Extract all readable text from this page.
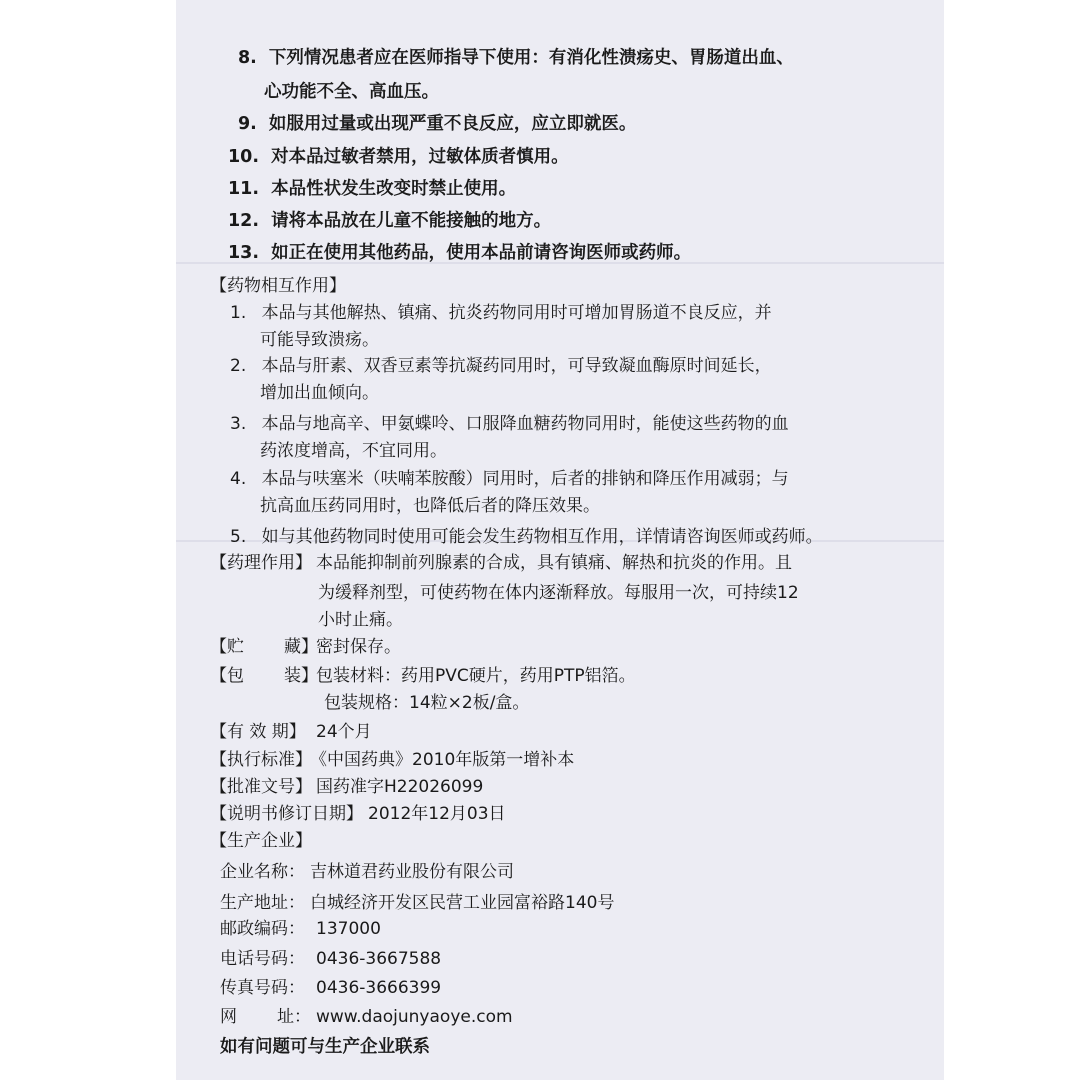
8. 下列情况患者应在医师指导下使用：有消化性溃疡史、胃肠道出血、
心功能不全、高血压。
9. 如服用过量或出现严重不良反应，应立即就医。
10. 对本品过敏者禁用，过敏体质者慎用。
11. 本品性状发生改变时禁止使用。
12. 请将本品放在儿童不能接触的地方。
13. 如正在使用其他药品，使用本品前请咨询医师或药师。
【药物相互作用】
1. 本品与其他解热、镇痛、抗炎药物同用时可增加胃肠道不良反应，并
可能导致溃疡。
2. 本品与肝素、双香豆素等抗凝药同用时，可导致凝血酶原时间延长，
增加出血倾向。
3. 本品与地高辛、甲氨蝶呤、口服降血糖药物同用时，能使这些药物的血
药浓度增高，不宜同用。
4. 本品与呋塞米（呋喃苯胺酸）同用时，后者的排钠和降压作用减弱；与
抗高血压药同用时，也降低后者的降压效果。
5. 如与其他药物同时使用可能会发生药物相互作用，详情请咨询医师或药师。
【药理作用】 本品能抑制前列腺素的合成，具有镇痛、解热和抗炎的作用。且
为缓释剂型，可使药物在体内逐渐释放。每服用一次，可持续12
小时止痛。
【贮 藏】
密封保存。
【包 装】
包装材料：药用PVC硬片，药用PTP铝箔。
包装规格：14粒×2板/盒。
【有 效 期】 24个月
【执行标准】
《中国药典》2010年版第一增补本
【批准文号】 国药准字H22026099
【说明书修订日期】 2012年12月03日
【生产企业】
企业名称： 吉林道君药业股份有限公司
生产地址： 白城经济开发区民营工业园富裕路140号
邮政编码： 137000
电话号码： 0436-3667588
传真号码： 0436-3666399
网 址： www.daojunyaoye.com
如有问题可与生产企业联系
